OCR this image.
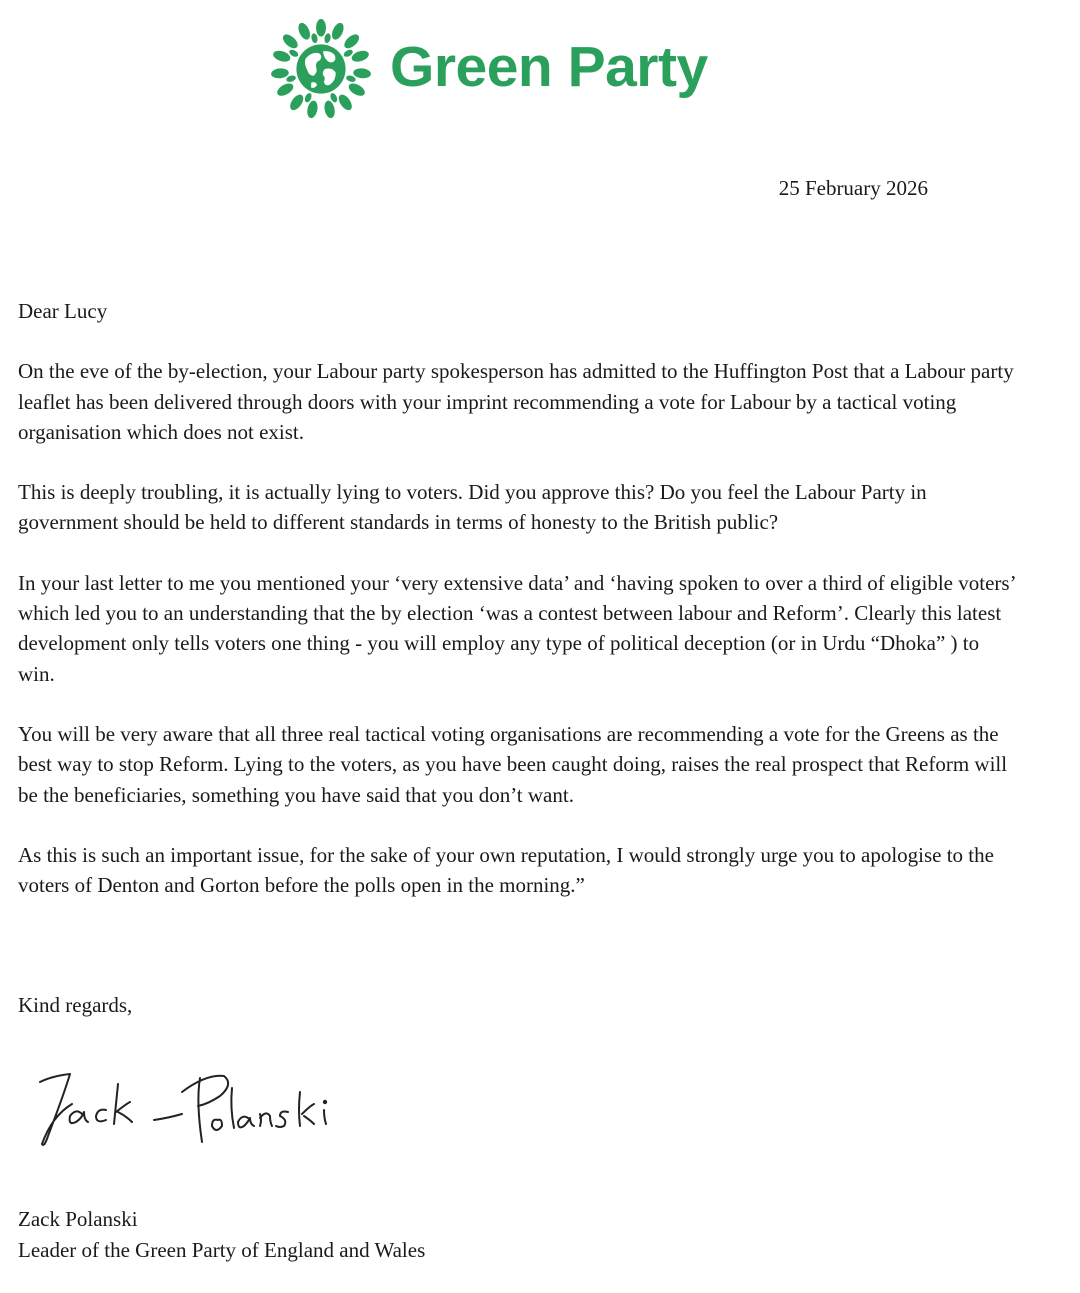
Green Party
25 February 2026

Dear Lucy

On the eve of the by-election, your Labour party spokesperson has admitted to the Huffington Post that a Labour party leaflet has been delivered through doors with your imprint recommending a vote for Labour by a tactical voting organisation which does not exist.

This is deeply troubling, it is actually lying to voters. Did you approve this? Do you feel the Labour Party in government should be held to different standards in terms of honesty to the British public?

In your last letter to me you mentioned your ‘very extensive data’ and ‘having spoken to over a third of eligible voters’ which led you to an understanding that the by election ‘was a contest between labour and Reform’. Clearly this latest development only tells voters one thing - you will employ any type of political deception (or in Urdu “Dhoka” ) to win.

You will be very aware that all three real tactical voting organisations are recommending a vote for the Greens as the best way to stop Reform. Lying to the voters, as you have been caught doing, raises the real prospect that Reform will be the beneficiaries, something you have said that you don’t want.

As this is such an important issue, for the sake of your own reputation, I would strongly urge you to apologise to the voters of Denton and Gorton before the polls open in the morning.”

Kind regards,
Zack Polanski
Leader of the Green Party of England and Wales
